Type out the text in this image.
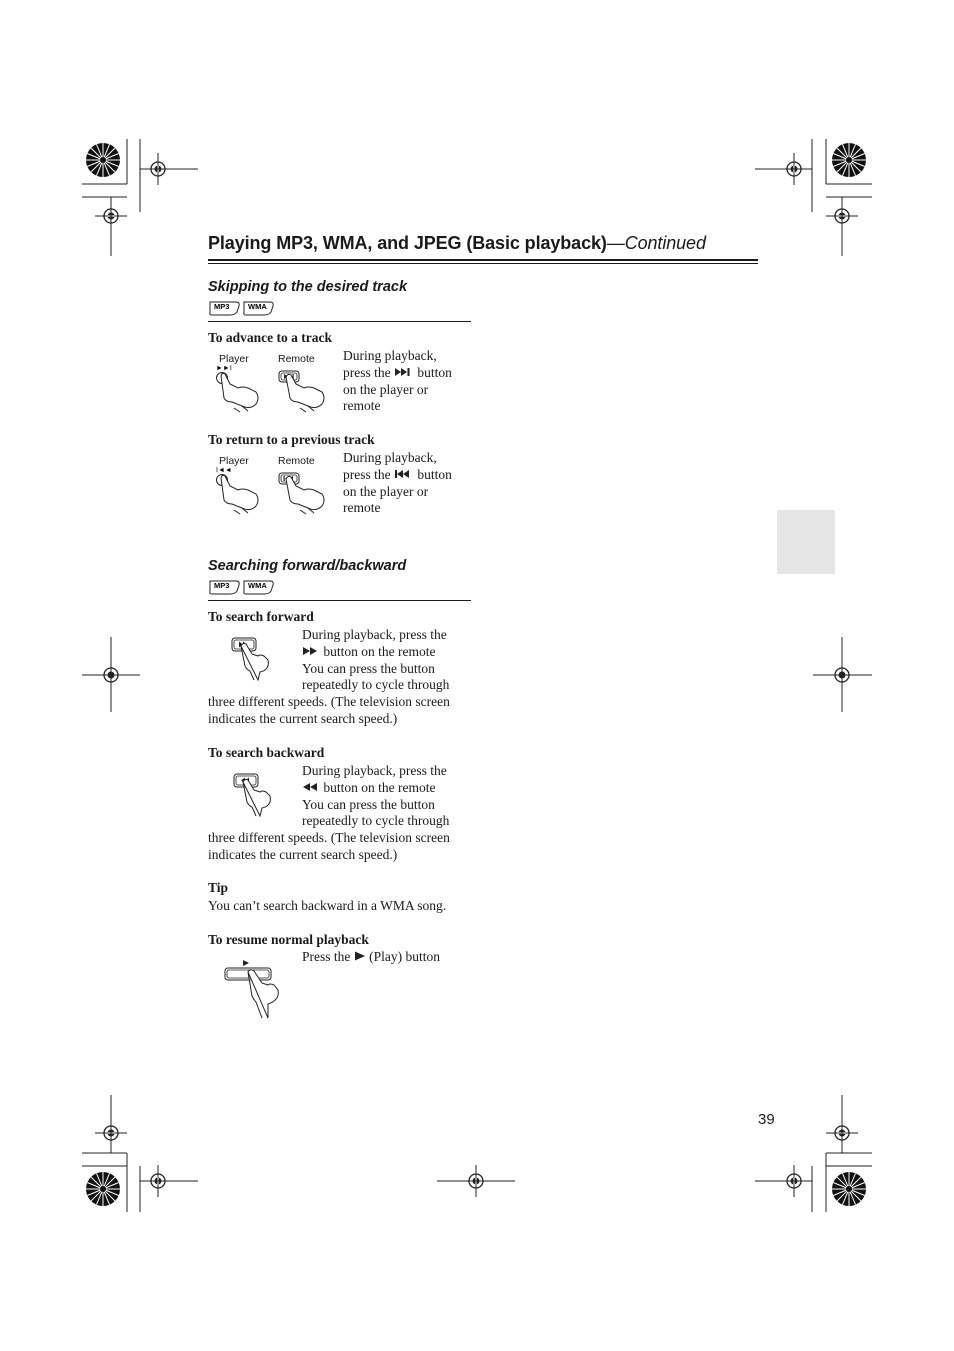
Playing MP3, WMA, and JPEG (Basic playback)—Continued
Skipping to the desired track
MP3 WMA
To advance to a track
Player	Remote
►►I
During playback,
press the button
on the player or
remote
To return to a previous track
Player	Remote
I◄◄
During playback,
press the button
on the player or
remote
Searching forward/backward
MP3 WMA
To search forward
During playback, press the
button on the remote
You can press the button
repeatedly to cycle through
three different speeds. (The television screen
indicates the current search speed.)
To search backward
During playback, press the
button on the remote
You can press the button
repeatedly to cycle through
three different speeds. (The television screen
indicates the current search speed.)
Tip
You can’t search backward in a WMA song.
To resume normal playback
Press the (Play) button
39
